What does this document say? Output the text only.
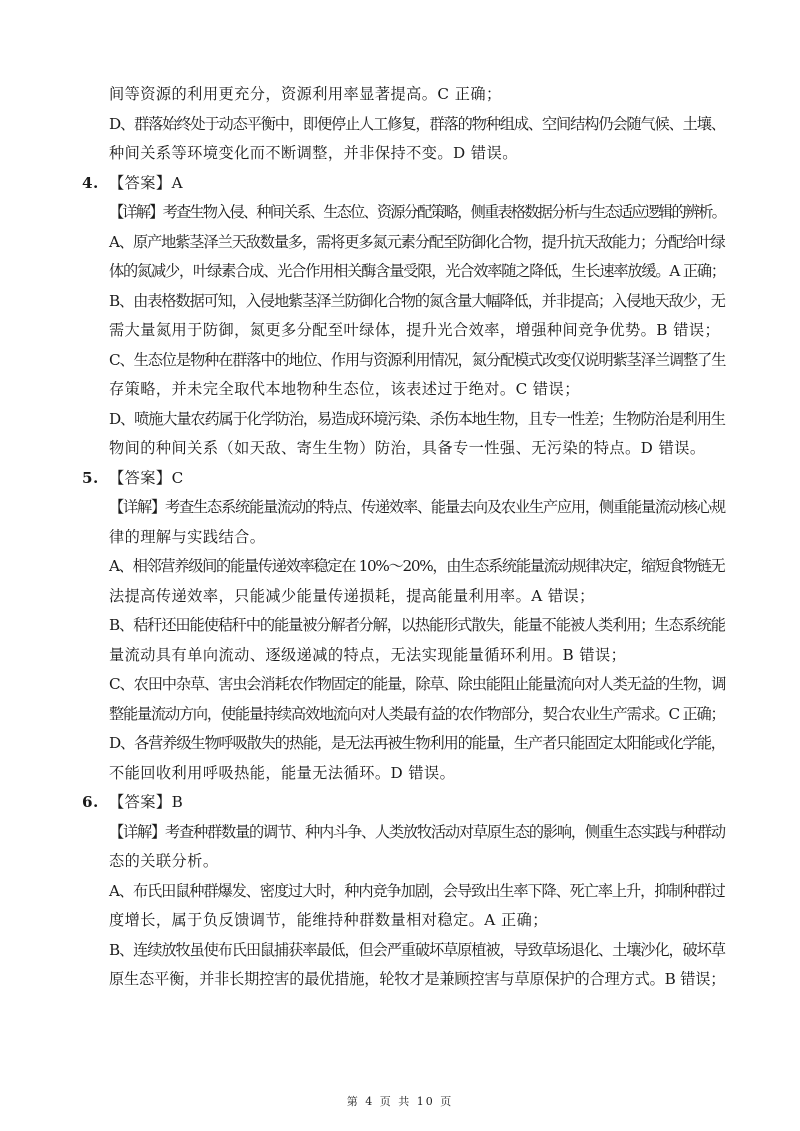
间等资源的利用更充分，资源利用率显著提高。C 正确；
D、群落始终处于动态平衡中，即便停止人工修复，群落的物种组成、空间结构仍会随气候、土壤、
种间关系等环境变化而不断调整，并非保持不变。D 错误。
4. 【答案】A
【详解】考查生物入侵、种间关系、生态位、资源分配策略，侧重表格数据分析与生态适应逻辑的辨析。
A、原产地紫茎泽兰天敌数量多，需将更多氮元素分配至防御化合物，提升抗天敌能力；分配给叶绿
体的氮减少，叶绿素合成、光合作用相关酶含量受限，光合效率随之降低，生长速率放缓。A 正确；
B、由表格数据可知，入侵地紫茎泽兰防御化合物的氮含量大幅降低，并非提高；入侵地天敌少，无
需大量氮用于防御，氮更多分配至叶绿体，提升光合效率，增强种间竞争优势。B 错误；
C、生态位是物种在群落中的地位、作用与资源利用情况，氮分配模式改变仅说明紫茎泽兰调整了生
存策略，并未完全取代本地物种生态位，该表述过于绝对。C 错误；
D、喷施大量农药属于化学防治，易造成环境污染、杀伤本地生物，且专一性差；生物防治是利用生
物间的种间关系（如天敌、寄生生物）防治，具备专一性强、无污染的特点。D 错误。
5. 【答案】C
【详解】考查生态系统能量流动的特点、传递效率、能量去向及农业生产应用，侧重能量流动核心规
律的理解与实践结合。
A、相邻营养级间的能量传递效率稳定在 10%～20%，由生态系统能量流动规律决定，缩短食物链无
法提高传递效率，只能减少能量传递损耗，提高能量利用率。A 错误；
B、秸秆还田能使秸秆中的能量被分解者分解，以热能形式散失，能量不能被人类利用；生态系统能
量流动具有单向流动、逐级递减的特点，无法实现能量循环利用。B 错误；
C、农田中杂草、害虫会消耗农作物固定的能量，除草、除虫能阻止能量流向对人类无益的生物，调
整能量流动方向，使能量持续高效地流向对人类最有益的农作物部分，契合农业生产需求。C 正确；
D、各营养级生物呼吸散失的热能，是无法再被生物利用的能量，生产者只能固定太阳能或化学能，
不能回收利用呼吸热能，能量无法循环。D 错误。
6. 【答案】B
【详解】考查种群数量的调节、种内斗争、人类放牧活动对草原生态的影响，侧重生态实践与种群动
态的关联分析。
A、布氏田鼠种群爆发、密度过大时，种内竞争加剧，会导致出生率下降、死亡率上升，抑制种群过
度增长，属于负反馈调节，能维持种群数量相对稳定。A 正确；
B、连续放牧虽使布氏田鼠捕获率最低，但会严重破坏草原植被，导致草场退化、土壤沙化，破坏草
原生态平衡，并非长期控害的最优措施，轮牧才是兼顾控害与草原保护的合理方式。B 错误；
第 4 页 共 10 页
